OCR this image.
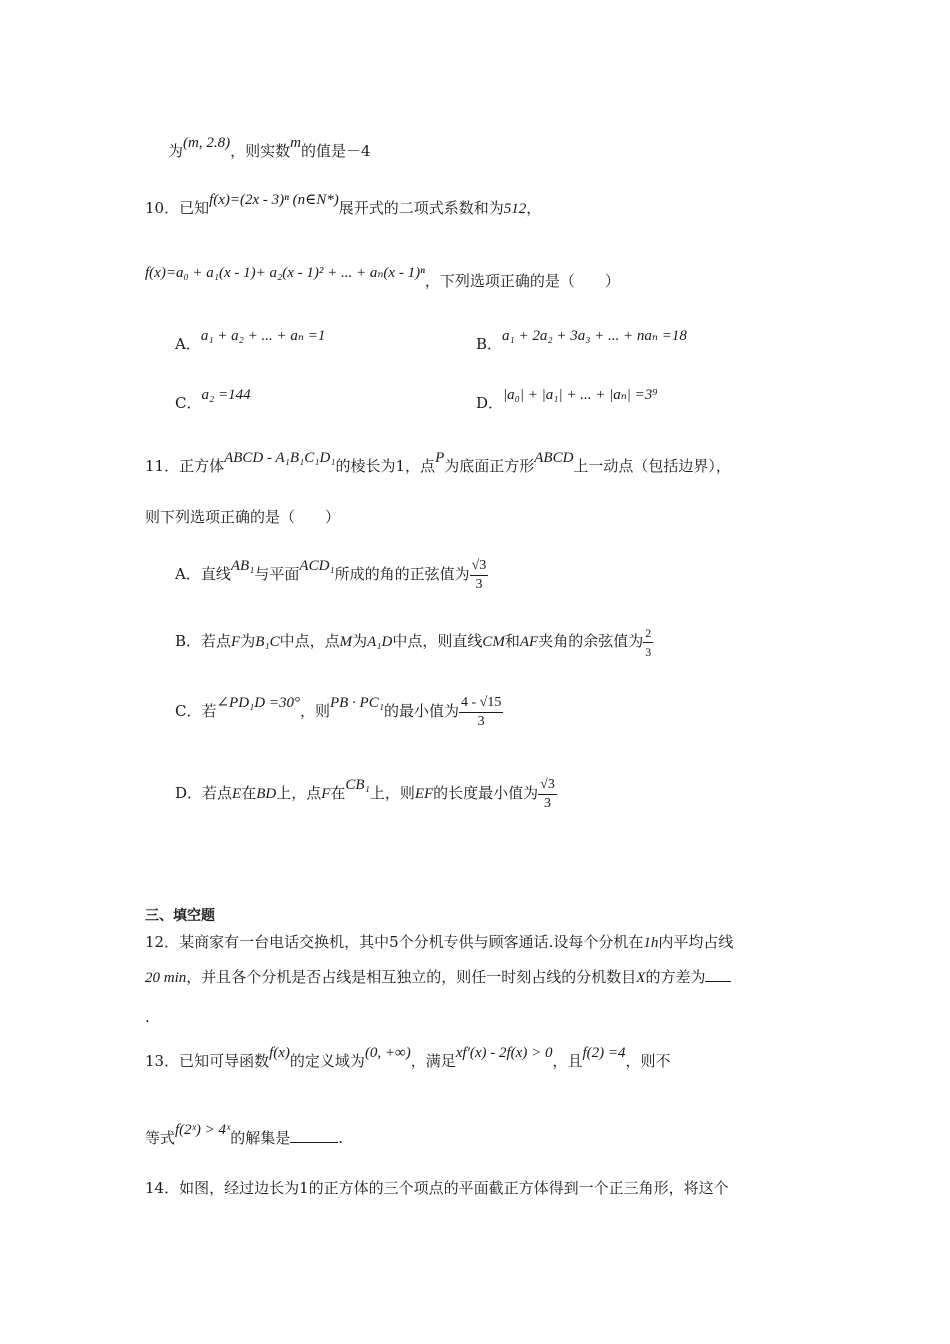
为(m, 2.8)，则实数m的值是－4
10．已知f(x)=(2x - 3)ⁿ (n∈N*)展开式的二项式系数和为512，
f(x)=a₀ + a₁(x - 1)+ a₂(x - 1)² + ... + aₙ(x - 1)ⁿ，下列选项正确的是（　　）
A．a₁ + a₂ + ... + aₙ =1	B．a₁ + 2a₂ + 3a₃ + ... + naₙ =18
C．a₂ =144	D．|a₀| + |a₁| + ... + |aₙ| =3⁹
11．正方体ABCD - A₁B₁C₁D₁的棱长为1，点P为底面正方形ABCD上一动点（包括边界），
则下列选项正确的是（　　）
A．直线AB₁与平面ACD₁所成的角的正弦值为 $\frac{√3}{3}$
B．若点F为B₁C中点，点M为A₁D中点，则直线CM和AF夹角的余弦值为 $\frac{2}{3}$
C．若∠PD₁D =30°，则PB · PC₁的最小值为 $\frac{4 - √15}{3}$
D．若点E在BD上，点F在CB₁上，则EF的长度最小值为 $\frac{√3}{3}$
三、填空题
12．某商家有一台电话交换机，其中5个分机专供与顾客通话.设每个分机在1h内平均占线
20 min，并且各个分机是否占线是相互独立的，则任一时刻占线的分机数目X的方差为
.
13．已知可导函数f(x)的定义域为(0, +∞)，满足xf′(x) - 2f(x) > 0，且f(2) =4，则不
等式f(2ˣ) > 4ˣ的解集是	.
14．如图，经过边长为1的正方体的三个项点的平面截正方体得到一个正三角形，将这个
